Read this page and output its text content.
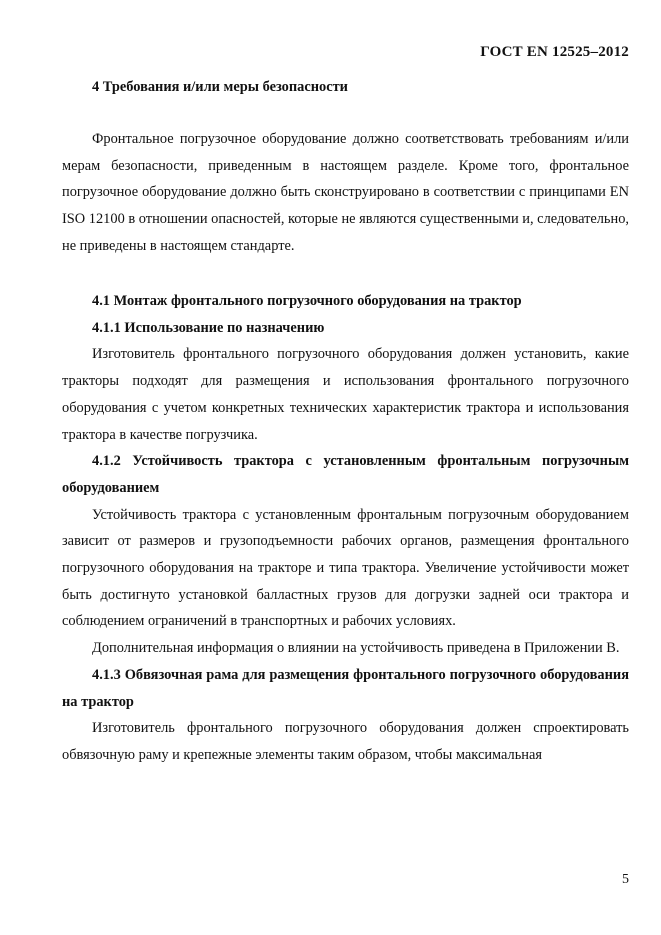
ГОСТ EN 12525–2012

4 Требования и/или меры безопасности

Фронтальное погрузочное оборудование должно соответствовать требованиям и/или мерам безопасности, приведенным в настоящем разделе. Кроме того, фронтальное погрузочное оборудование должно быть сконструировано в соответствии с принципами EN ISO 12100 в отношении опасностей, которые не являются существенными и, следовательно, не приведены в настоящем стандарте.

4.1 Монтаж фронтального погрузочного оборудования на трактор

4.1.1 Использование по назначению

Изготовитель фронтального погрузочного оборудования должен установить, какие тракторы подходят для размещения и использования фронтального погрузочного оборудования с учетом конкретных технических характеристик трактора и использования трактора в качестве погрузчика.

4.1.2 Устойчивость трактора с установленным фронтальным погрузочным оборудованием

Устойчивость трактора с установленным фронтальным погрузочным оборудованием зависит от размеров и грузоподъемности рабочих органов, размещения фронтального погрузочного оборудования на тракторе и типа трактора. Увеличение устойчивости может быть достигнуто установкой балластных грузов для догрузки задней оси трактора и соблюдением ограничений в транспортных и рабочих условиях.

Дополнительная информация о влиянии на устойчивость приведена в Приложении B.

4.1.3 Обвязочная рама для размещения фронтального погрузочного оборудования на трактор

Изготовитель фронтального погрузочного оборудования должен спроектировать обвязочную раму и крепежные элементы таким образом, чтобы максимальная

5
